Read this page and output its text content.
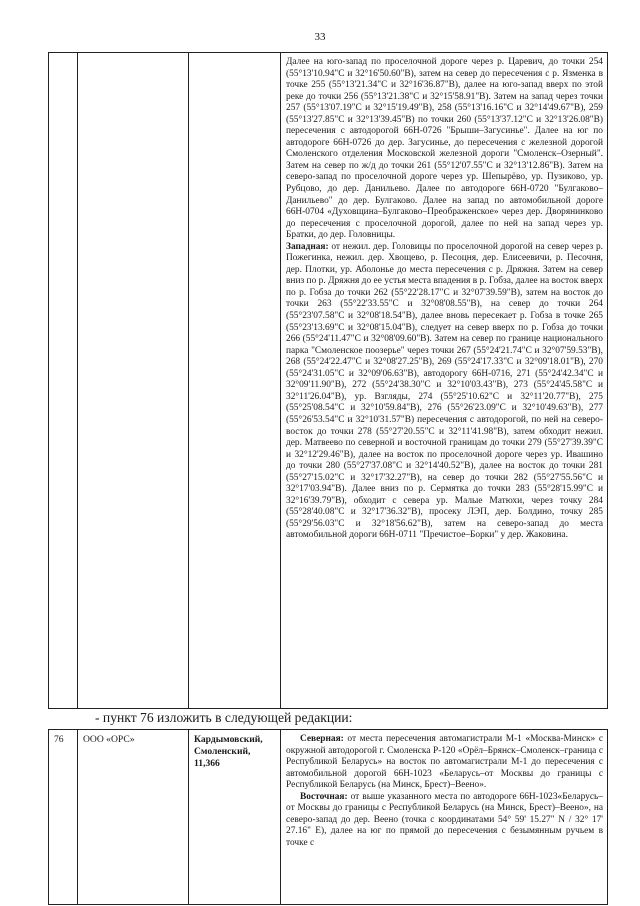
33

Далее на юго-запад по проселочной дороге через р. Царевич, до точки 254 (55°13'10.94"С и 32°16'50.60"В), затем на север до пересечения с р. Язменка в точке 255 (55°13'21.34"С и 32°16'36.87"В), далее на юго-запад вверх по этой реке до точки 256 (55°13'21.38"С и 32°15'58.91"В). Затем на запад через точки 257 (55°13'07.19"С и 32°15'19.49"В), 258 (55°13'16.16"С и 32°14'49.67"В), 259 (55°13'27.85"С и 32°13'39.45"В) по точки 260 (55°13'37.12"С и 32°13'26.08"В) пересечения с автодорогой 66Н-0726 "Брыши–Загусинье". Далее на юг по автодороге 66Н-0726 до дер. Загусинье, до пересечения с железной дорогой Смоленского отделения Московской железной дороги "Смоленск–Озерный". Затем на север по ж/д до точки 261 (55°12'07.55"С и 32°13'12.86"В). Затем на северо-запад по проселочной дороге через ур. Шепырёво, ур. Пузиково, ур. Рубцово, до дер. Данильево. Далее по автодороге 66Н-0720 "Булгаково–Данильево" до дер. Булгаково. Далее на запад по автомобильной дороге 66Н-0704 «Духовщина–Булгаково–Преображенское» через дер. Дворянинково до пересечения с проселочной дорогой, далее по ней на запад через ур. Братки, до дер. Головницы.

Западная: от нежил. дер. Головицы по проселочной дорогой на север через р. Пожегинка, нежил. дер. Хвощево, р. Песоцня, дер. Елисеевичи, р. Песочня, дер. Плотки, ур. Аболонье до места пересечения с р. Дряжня. Затем на север вниз по р. Дряжня до ее устья места впадения в р. Гобза, далее на восток вверх по р. Гобза до точки 262 (55°22'28.17"С и 32°07'39.59"В), затем на восток до точки 263 (55°22'33.55"С и 32°08'08.55"В), на север до точки 264 (55°23'07.58"С и 32°08'18.54"В), далее вновь пересекает р. Гобза в точке 265 (55°23'13.69"С и 32°08'15.04"В), следует на север вверх по р. Гобза до точки 266 (55°24'11.47"С и 32°08'09.60"В). Затем на север по границе национального парка "Смоленское поозерье" через точки 267 (55°24'21.74"С и 32°07'59.53"В), 268 (55°24'22.47"С и 32°08'27.25"В), 269 (55°24'17.33"С и 32°09'18.01"В), 270 (55°24'31.05"С и 32°09'06.63"В), автодорогу 66Н-0716, 271 (55°24'42.34"С и 32°09'11.90"В), 272 (55°24'38.30"С и 32°10'03.43"В), 273 (55°24'45.58"С и 32°11'26.04"В), ур. Взгляды, 274 (55°25'10.62"С и 32°11'20.77"В), 275 (55°25'08.54"С и 32°10'59.84"В), 276 (55°26'23.09"С и 32°10'49.63"В), 277 (55°26'53.54"С и 32°10'31.57"В) пересечения с автодорогой, по ней на северо-восток до точки 278 (55°27'20.55"С и 32°11'41.98"В), затем обходит нежил. дер. Матвеево по северной и восточной границам до точки 279 (55°27'39.39"С и 32°12'29.46"В), далее на восток по проселочной дороге через ур. Ивашино до точки 280 (55°27'37.08"С и 32°14'40.52"В), далее на восток до точки 281 (55°27'15.02"С и 32°17'32.27"В), на север до точки 282 (55°27'55.56"С и 32°17'03.94"В). Далее вниз по р. Сермятка до точки 283 (55°28'15.99"С и 32°16'39.79"В), обходит с севера ур. Малые Матюхи, через точку 284 (55°28'40.08"С и 32°17'36.32"В), просеку ЛЭП, дер. Болдино, точку 285 (55°29'56.03"С и 32°18'56.62"В), затем на северо-запад до места автомобильной дороги 66Н-0711 "Пречистое–Борки" у дер. Жаковина.

- пункт 76 изложить в следующей редакции:
76	ООО «ОРС»	Кардымовский, Смоленский, 11,366

Северная: от места пересечения автомагистрали М-1 «Москва-Минск» с окружной автодорогой г. Смоленска Р-120 «Орёл–Брянск–Смоленск–граница с Республикой Беларусь» на восток по автомагистрали М-1 до пересечения с автомобильной дорогой 66Н-1023 «Беларусь–от Москвы до границы с Республикой Беларусь (на Минск, Брест)–Веено».

Восточная: от выше указанного места по автодороге 66Н-1023«Беларусь–от Москвы до границы с Республикой Беларусь (на Минск, Брест)–Веено», на северо-запад до дер. Веено (точка с координатами 54° 59' 15.27" N / 32° 17' 27.16" E), далее на юг по прямой до пересечения с безымянным ручьем в точке с
